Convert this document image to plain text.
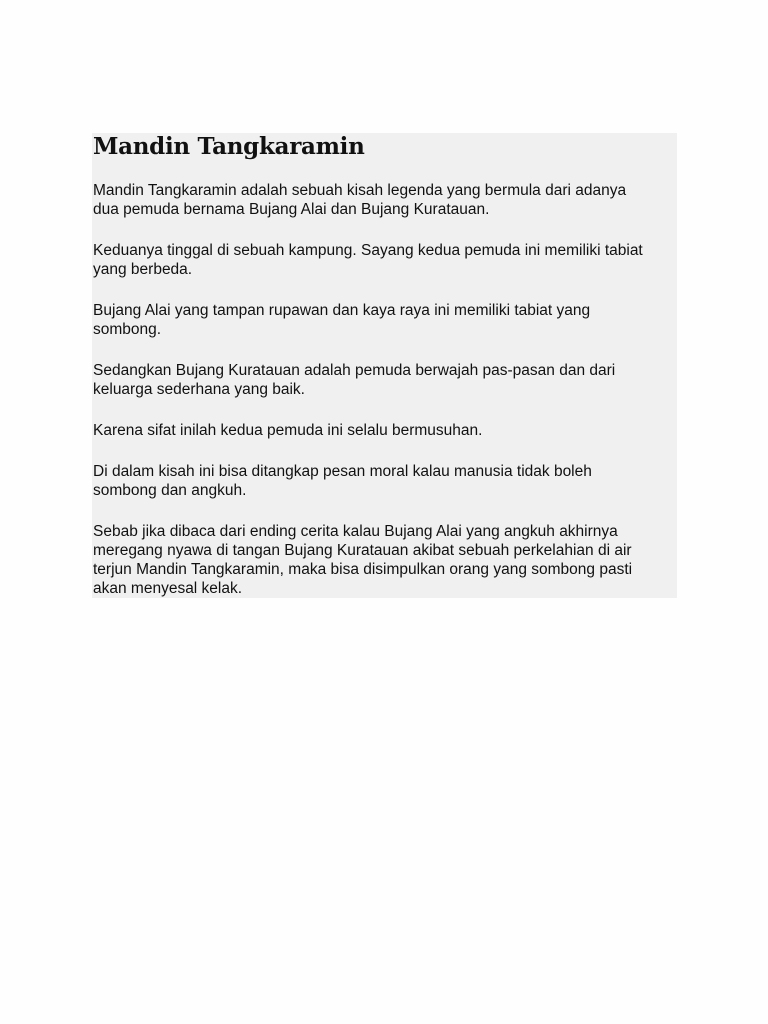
Mandin Tangkaramin

Mandin Tangkaramin adalah sebuah kisah legenda yang bermula dari adanya
dua pemuda bernama Bujang Alai dan Bujang Kuratauan.

Keduanya tinggal di sebuah kampung. Sayang kedua pemuda ini memiliki tabiat
yang berbeda.

Bujang Alai yang tampan rupawan dan kaya raya ini memiliki tabiat yang
sombong.

Sedangkan Bujang Kuratauan adalah pemuda berwajah pas-pasan dan dari
keluarga sederhana yang baik.

Karena sifat inilah kedua pemuda ini selalu bermusuhan.

Di dalam kisah ini bisa ditangkap pesan moral kalau manusia tidak boleh
sombong dan angkuh.

Sebab jika dibaca dari ending cerita kalau Bujang Alai yang angkuh akhirnya
meregang nyawa di tangan Bujang Kuratauan akibat sebuah perkelahian di air
terjun Mandin Tangkaramin, maka bisa disimpulkan orang yang sombong pasti
akan menyesal kelak.
